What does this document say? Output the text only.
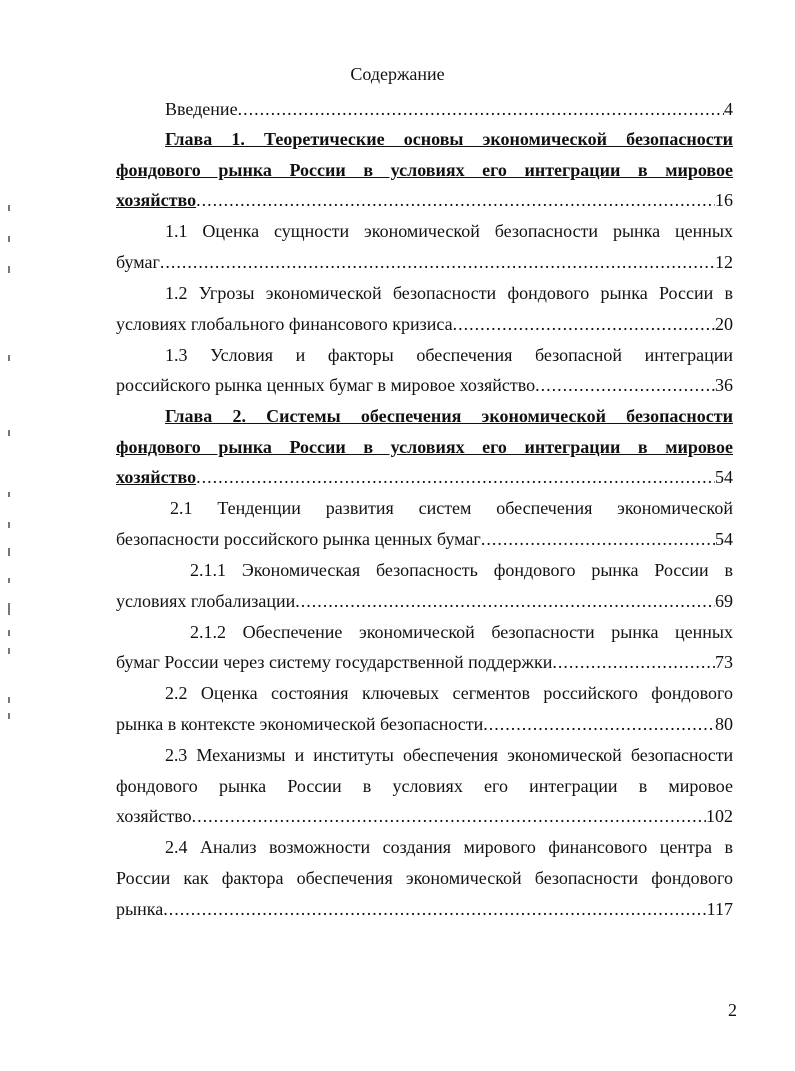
Содержание
Введение .....	4
Глава 1. Теоретические основы экономической безопасности
фондового рынка России в условиях его интеграции в мировое
хозяйство .....	16
1.1 Оценка сущности экономической безопасности рынка ценных
бумаг .....	12
1.2 Угрозы экономической безопасности фондового рынка России в
условиях глобального финансового кризиса .....	20
1.3 Условия и факторы обеспечения безопасной интеграции
российского рынка ценных бумаг в мировое хозяйство .....	36
Глава 2. Системы обеспечения экономической безопасности
фондового рынка России в условиях его интеграции в мировое
хозяйство .....	54
2.1 Тенденции развития систем обеспечения экономической
безопасности российского рынка ценных бумаг .....	54
2.1.1 Экономическая безопасность фондового рынка России в
условиях глобализации .....	69
2.1.2 Обеспечение экономической безопасности рынка ценных
бумаг России через систему государственной поддержки .....	73
2.2 Оценка состояния ключевых сегментов российского фондового
рынка в контексте экономической безопасности .....	80
2.3 Механизмы и институты обеспечения экономической безопасности
фондового рынка России в условиях его интеграции в мировое
хозяйство .....	102
2.4 Анализ возможности создания мирового финансового центра в
России как фактора обеспечения экономической безопасности фондового
рынка .....	117
2
